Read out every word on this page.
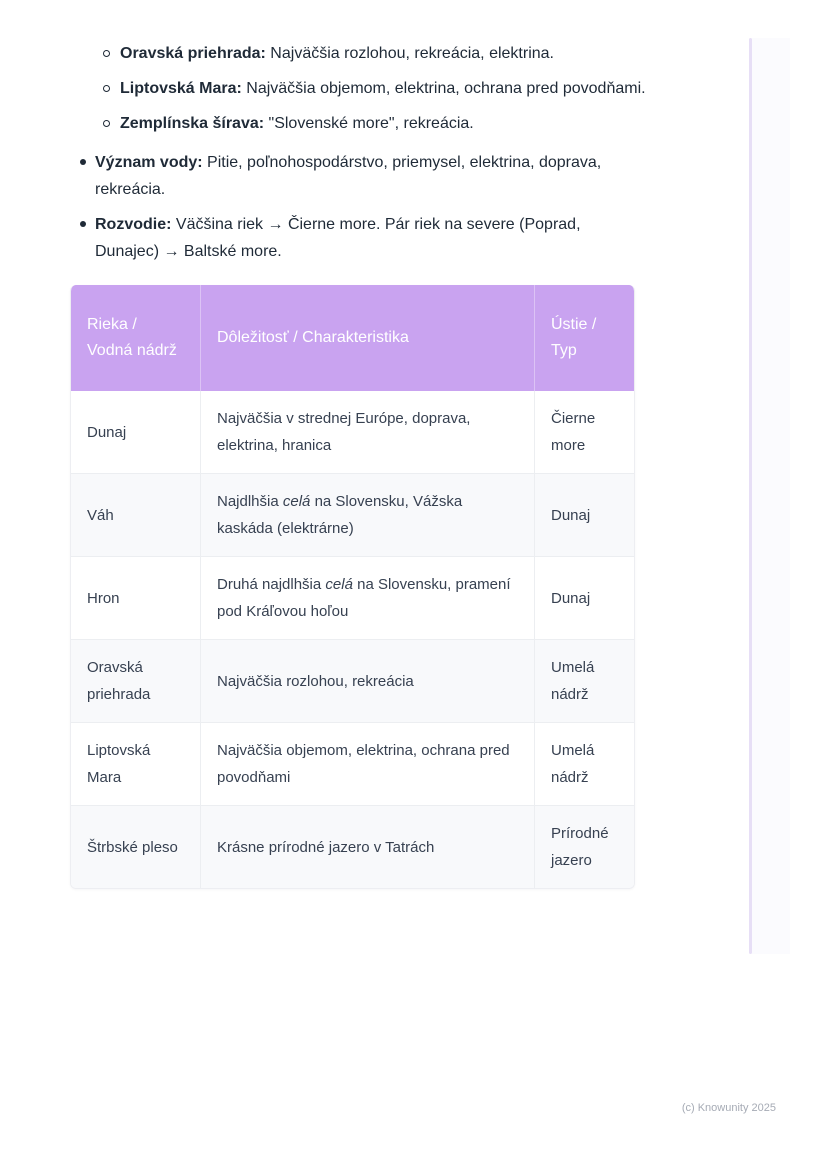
Oravská priehrada: Najväčšia rozlohou, rekreácia, elektrina.
Liptovská Mara: Najväčšia objemom, elektrina, ochrana pred povodňami.
Zemplínska šírava: "Slovenské more", rekreácia.
Význam vody: Pitie, poľnohospodárstvo, priemysel, elektrina, doprava, rekreácia.
Rozvodie: Väčšina riek → Čierne more. Pár riek na severe (Poprad, Dunajec) → Baltské more.
Rieka / Vodná nádrž	Dôležitosť / Charakteristika	Ústie / Typ
Dunaj	Najväčšia v strednej Európe, doprava, elektrina, hranica	Čierne more
Váh	Najdlhšia celá na Slovensku, Vážska kaskáda (elektrárne)	Dunaj
Hron	Druhá najdlhšia celá na Slovensku, pramení pod Kráľovou hoľou	Dunaj
Oravská priehrada	Najväčšia rozlohou, rekreácia	Umelá nádrž
Liptovská Mara	Najväčšia objemom, elektrina, ochrana pred povodňami	Umelá nádrž
Štrbské pleso	Krásne prírodné jazero v Tatrách	Prírodné jazero
(c) Knowunity 2025
